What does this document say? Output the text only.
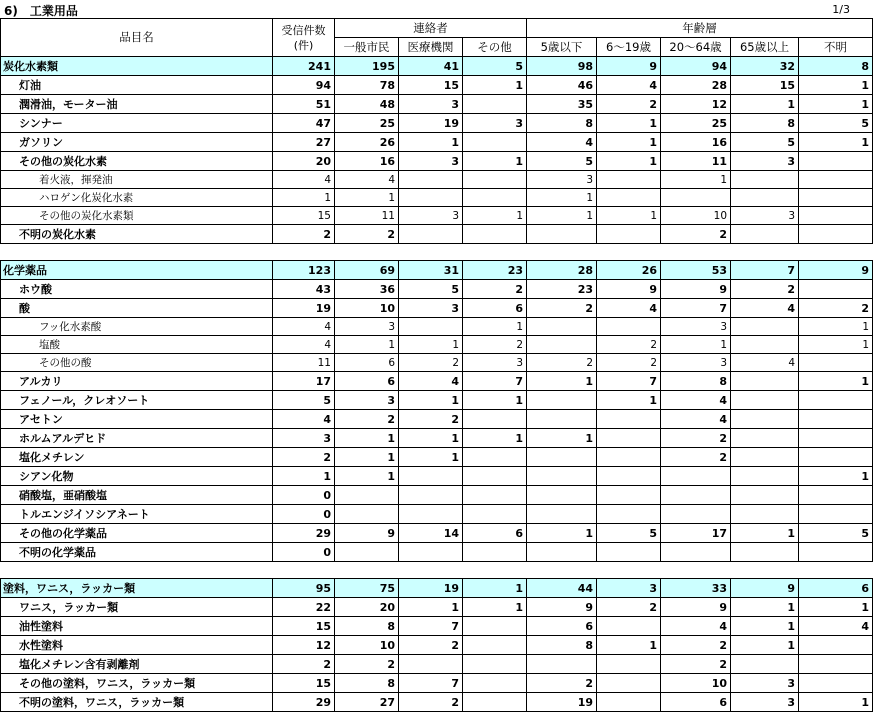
6)　工業用品	1/3
品目名	受信件数
(件)	連絡者			年齢層				
		一般市民	医療機関	その他	5歳以下	6～19歳	20～64歳	65歳以上	不明
炭化水素類	241	195	41	5	98	9	94	32	8
灯油	94	78	15	1	46	4	28	15	1
潤滑油，モーター油	51	48	3		35	2	12	1	1
シンナー	47	25	19	3	8	1	25	8	5
ガソリン	27	26	1		4	1	16	5	1
その他の炭化水素	20	16	3	1	5	1	11	3	
着火液，揮発油	4	4			3		1		
ハロゲン化炭化水素	1	1			1				
その他の炭化水素類	15	11	3	1	1	1	10	3	
不明の炭化水素	2	2					2		

化学薬品	123	69	31	23	28	26	53	7	9
ホウ酸	43	36	5	2	23	9	9	2	
酸	19	10	3	6	2	4	7	4	2
フッ化水素酸	4	3		1			3		1
塩酸	4	1	1	2		2	1		1
その他の酸	11	6	2	3	2	2	3	4	
アルカリ	17	6	4	7	1	7	8		1
フェノール，クレオソート	5	3	1	1		1	4		
アセトン	4	2	2				4		
ホルムアルデヒド	3	1	1	1	1		2		
塩化メチレン	2	1	1				2		
シアン化物	1	1							1
硝酸塩，亜硝酸塩	0								
トルエンジイソシアネート	0								
その他の化学薬品	29	9	14	6	1	5	17	1	5
不明の化学薬品	0								

塗料，ワニス，ラッカー類	95	75	19	1	44	3	33	9	6
ワニス，ラッカー類	22	20	1	1	9	2	9	1	1
油性塗料	15	8	7		6		4	1	4
水性塗料	12	10	2		8	1	2	1	
塩化メチレン含有剥離剤	2	2					2		
その他の塗料，ワニス，ラッカー類	15	8	7		2		10	3	
不明の塗料，ワニス，ラッカー類	29	27	2		19		6	3	1
